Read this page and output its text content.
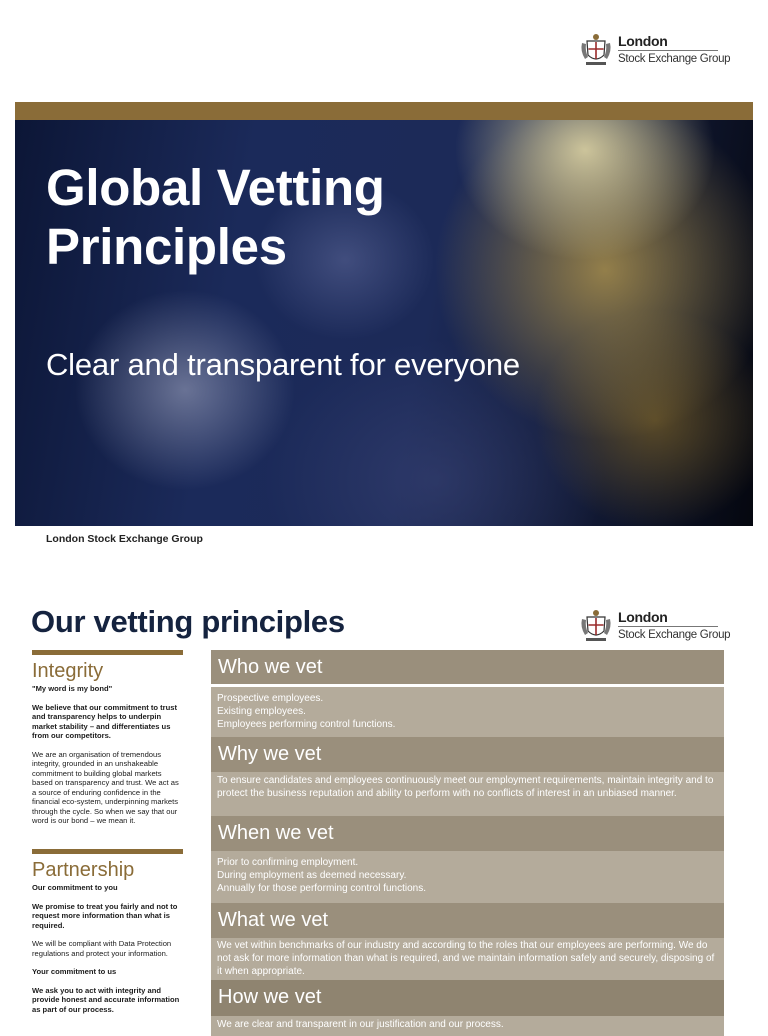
London
Stock Exchange Group
Global Vetting
Principles
Clear and transparent for everyone
London Stock Exchange Group
Our vetting principles	London
Stock Exchange Group
Integrity

"My word is my bond"

We believe that our commitment to trust and transparency helps to underpin market stability – and differentiates us from our competitors.

We are an organisation of tremendous integrity, grounded in an unshakeable commitment to building global markets based on transparency and trust. We act as a source of enduring confidence in the financial eco-system, underpinning markets through the cycle. So when we say that our word is our bond – we mean it.

Partnership

Our commitment to you

We promise to treat you fairly and not to request more information than what is required.

We will be compliant with Data Protection regulations and protect your information.

Your commitment to us

We ask you to act with integrity and provide honest and accurate information as part of our process.

Who we vet
Prospective employees.
Existing employees.
Employees performing control functions.
Why we vet
To ensure candidates and employees continuously meet our employment requirements, maintain integrity and to protect the business reputation and ability to perform with no conflicts of interest in an unbiased manner.
When we vet
Prior to confirming employment.
During employment as deemed necessary.
Annually for those performing control functions.
What we vet
We vet within benchmarks of our industry and according to the roles that our employees are performing. We do not ask for more information than what is required, and we maintain information safely and securely, disposing of it when appropriate.
How we vet
We are clear and transparent in our justification and our process.
